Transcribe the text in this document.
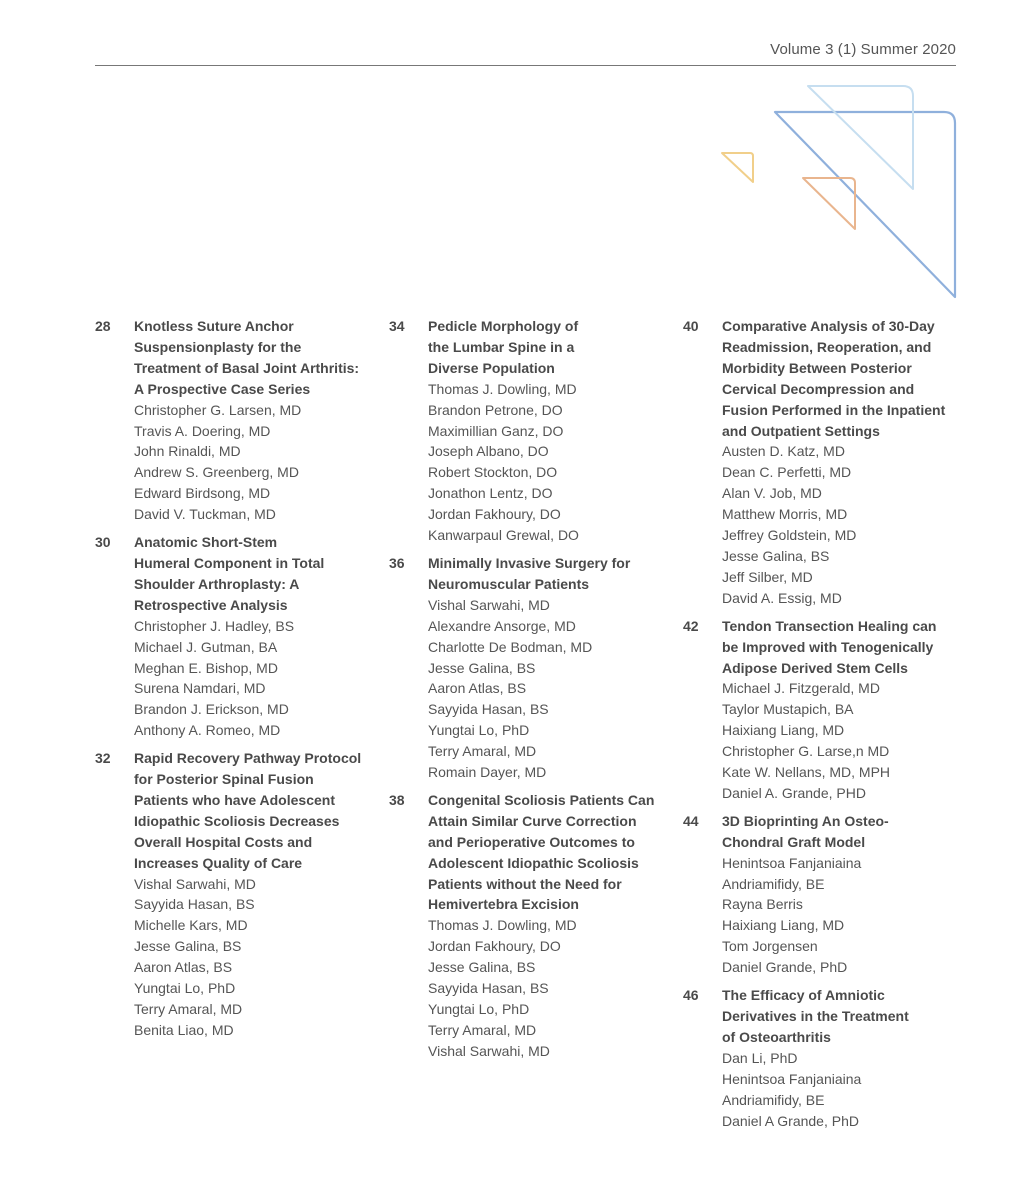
Volume 3 (1) Summer 2020
28	Knotless Suture Anchor
Suspensionplasty for the
Treatment of Basal Joint Arthritis:
A Prospective Case Series
Christopher G. Larsen, MD
Travis A. Doering, MD
John Rinaldi, MD
Andrew S. Greenberg, MD
Edward Birdsong, MD
David V. Tuckman, MD
30	Anatomic Short-Stem
Humeral Component in Total
Shoulder Arthroplasty: A
Retrospective Analysis
Christopher J. Hadley, BS
Michael J. Gutman, BA
Meghan E. Bishop, MD
Surena Namdari, MD
Brandon J. Erickson, MD
Anthony A. Romeo, MD
32	Rapid Recovery Pathway Protocol
for Posterior Spinal Fusion
Patients who have Adolescent
Idiopathic Scoliosis Decreases
Overall Hospital Costs and
Increases Quality of Care
Vishal Sarwahi, MD
Sayyida Hasan, BS
Michelle Kars, MD
Jesse Galina, BS
Aaron Atlas, BS
Yungtai Lo, PhD
Terry Amaral, MD
Benita Liao, MD
34	Pedicle Morphology of
the Lumbar Spine in a
Diverse Population
Thomas J. Dowling, MD
Brandon Petrone, DO
Maximillian Ganz, DO
Joseph Albano, DO
Robert Stockton, DO
Jonathon Lentz, DO
Jordan Fakhoury, DO
Kanwarpaul Grewal, DO
36	Minimally Invasive Surgery for
Neuromuscular Patients
Vishal Sarwahi, MD
Alexandre Ansorge, MD
Charlotte De Bodman, MD
Jesse Galina, BS
Aaron Atlas, BS
Sayyida Hasan, BS
Yungtai Lo, PhD
Terry Amaral, MD
Romain Dayer, MD
38	Congenital Scoliosis Patients Can
Attain Similar Curve Correction
and Perioperative Outcomes to
Adolescent Idiopathic Scoliosis
Patients without the Need for
Hemivertebra Excision
Thomas J. Dowling, MD
Jordan Fakhoury, DO
Jesse Galina, BS
Sayyida Hasan, BS
Yungtai Lo, PhD
Terry Amaral, MD
Vishal Sarwahi, MD
40	Comparative Analysis of 30-Day
Readmission, Reoperation, and
Morbidity Between Posterior
Cervical Decompression and
Fusion Performed in the Inpatient
and Outpatient Settings
Austen D. Katz, MD
Dean C. Perfetti, MD
Alan V. Job, MD
Matthew Morris, MD
Jeffrey Goldstein, MD
Jesse Galina, BS
Jeff Silber, MD
David A. Essig, MD
42	Tendon Transection Healing can
be Improved with Tenogenically
Adipose Derived Stem Cells
Michael J. Fitzgerald, MD
Taylor Mustapich, BA
Haixiang Liang, MD
Christopher G. Larse,n MD
Kate W. Nellans, MD, MPH
Daniel A. Grande, PHD
44	3D Bioprinting An Osteo-
Chondral Graft Model
Henintsoa Fanjaniaina
Andriamifidy, BE
Rayna Berris
Haixiang Liang, MD
Tom Jorgensen
Daniel Grande, PhD
46	The Efficacy of Amniotic
Derivatives in the Treatment
of Osteoarthritis
Dan Li, PhD
Henintsoa Fanjaniaina
Andriamifidy, BE
Daniel A Grande, PhD
